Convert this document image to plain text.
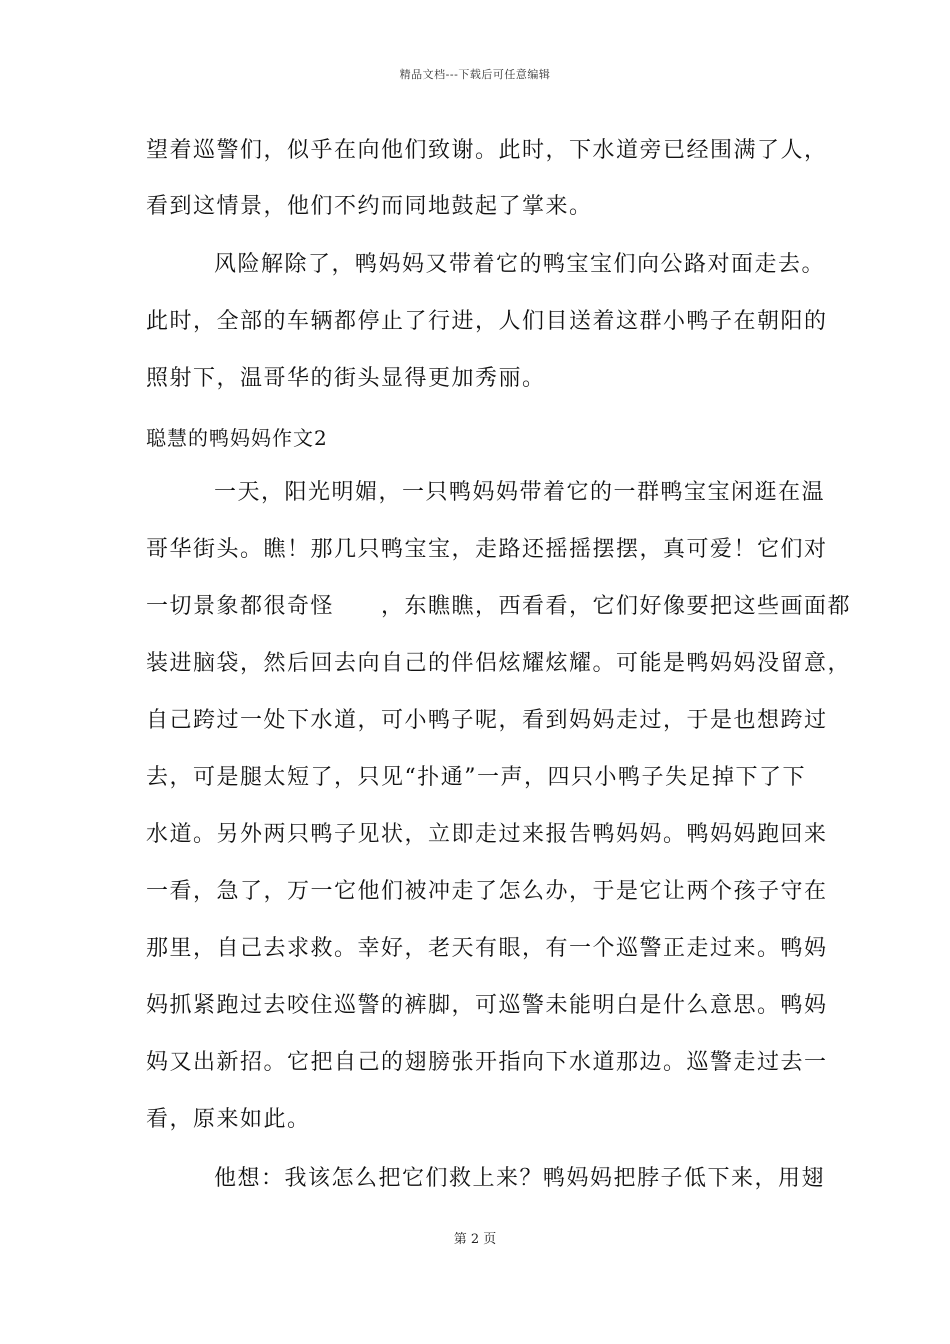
精品文档---下载后可任意编辑

望着巡警们，似乎在向他们致谢。此时，下水道旁已经围满了人，

看到这情景，他们不约而同地鼓起了掌来。

风险解除了，鸭妈妈又带着它的鸭宝宝们向公路对面走去。

此时，全部的车辆都停止了行进，人们目送着这群小鸭子在朝阳的

照射下，温哥华的街头显得更加秀丽。

聪慧的鸭妈妈作文2

一天，阳光明媚，一只鸭妈妈带着它的一群鸭宝宝闲逛在温

哥华街头。瞧！那几只鸭宝宝，走路还摇摇摆摆，真可爱！它们对

一切景象都很奇怪　　，东瞧瞧，西看看，它们好像要把这些画面都

装进脑袋，然后回去向自己的伴侣炫耀炫耀。可能是鸭妈妈没留意，

自己跨过一处下水道，可小鸭子呢，看到妈妈走过，于是也想跨过

去，可是腿太短了，只见“扑通”一声，四只小鸭子失足掉下了下

水道。另外两只鸭子见状，立即走过来报告鸭妈妈。鸭妈妈跑回来

一看，急了，万一它他们被冲走了怎么办，于是它让两个孩子守在

那里，自己去求救。幸好，老天有眼，有一个巡警正走过来。鸭妈

妈抓紧跑过去咬住巡警的裤脚，可巡警未能明白是什么意思。鸭妈

妈又出新招。它把自己的翅膀张开指向下水道那边。巡警走过去一

看，原来如此。

他想：我该怎么把它们救上来？鸭妈妈把脖子低下来，用翅

第 2 页
